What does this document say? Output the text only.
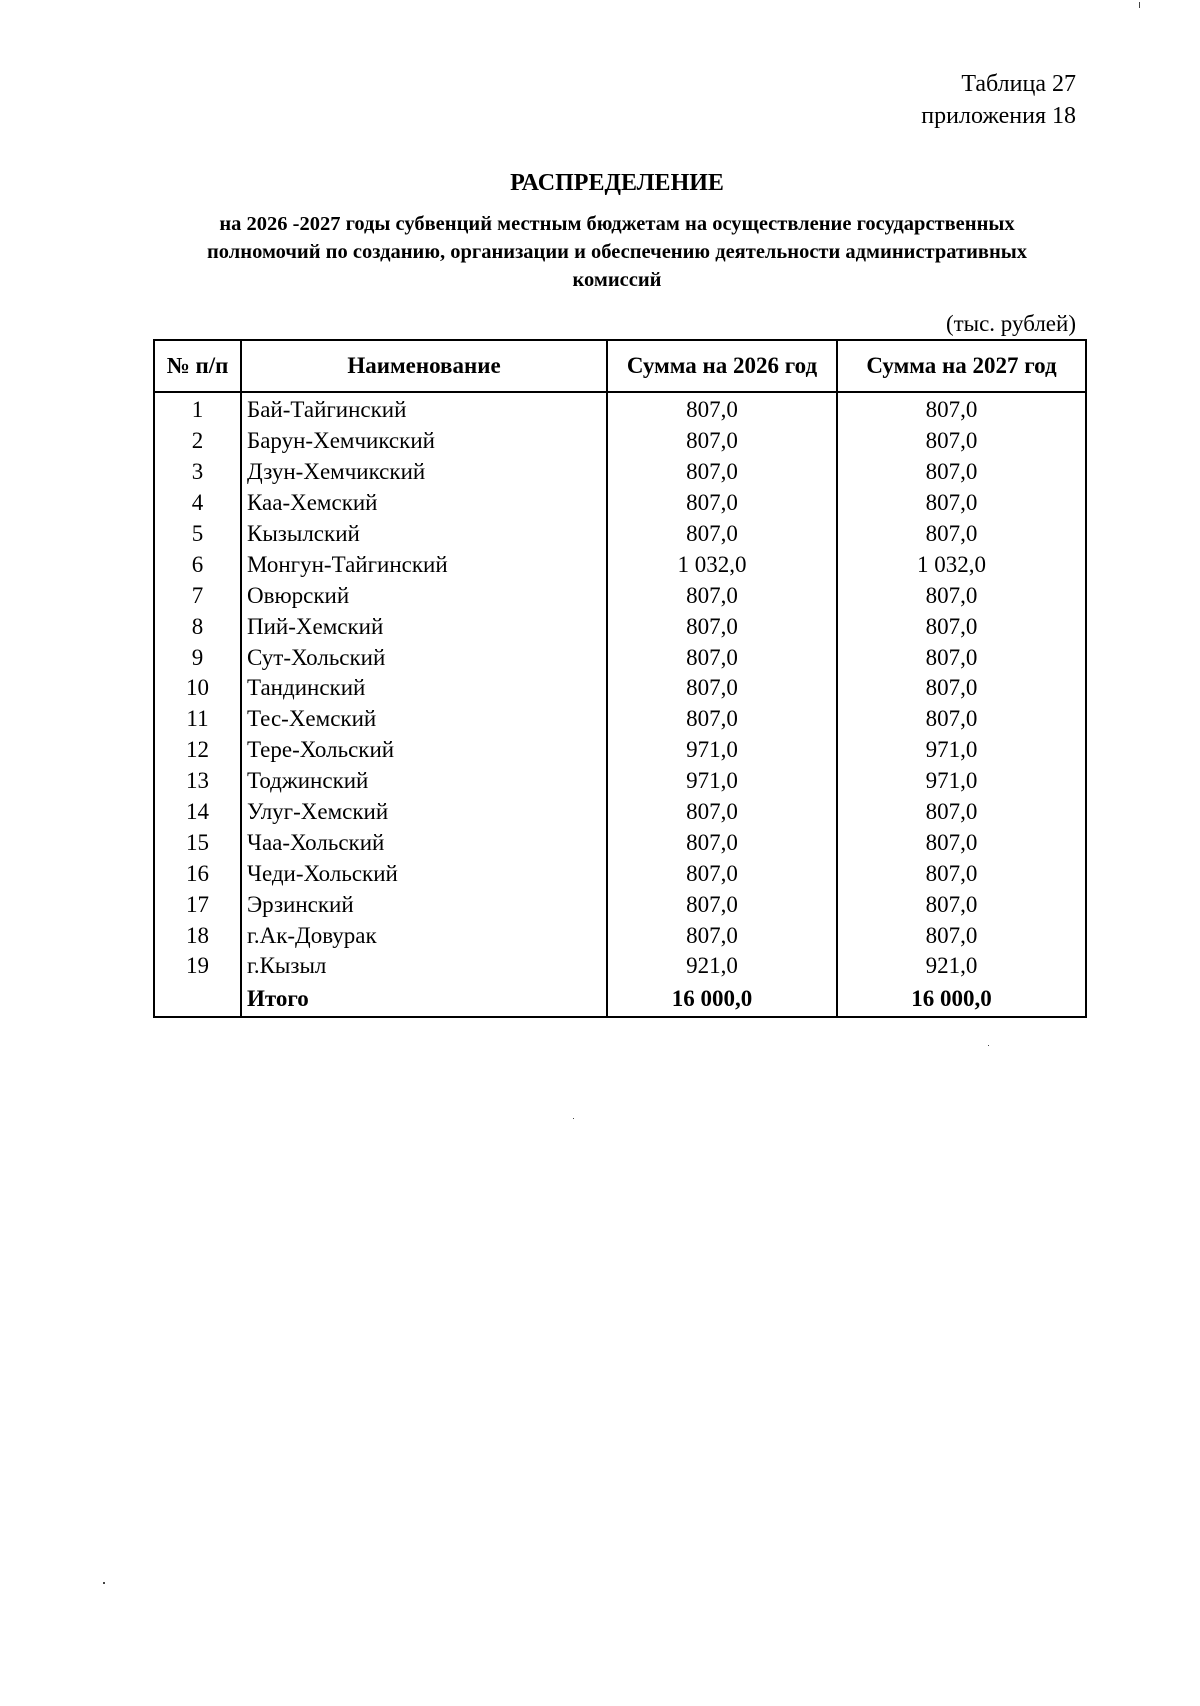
Таблица 27
приложения 18
РАСПРЕДЕЛЕНИЕ
на 2026 -2027 годы субвенций местным бюджетам на осуществление государственных
полномочий по созданию, организации и обеспечению деятельности административных
комиссий
(тыс. рублей)
№ п/п	Наименование	Сумма на 2026 год	Сумма на 2027 год
1	Бай-Тайгинский	807,0	807,0
2	Барун-Хемчикский	807,0	807,0
3	Дзун-Хемчикский	807,0	807,0
4	Каа-Хемский	807,0	807,0
5	Кызылский	807,0	807,0
6	Монгун-Тайгинский	1 032,0	1 032,0
7	Овюрский	807,0	807,0
8	Пий-Хемский	807,0	807,0
9	Сут-Хольский	807,0	807,0
10	Тандинский	807,0	807,0
11	Тес-Хемский	807,0	807,0
12	Тере-Хольский	971,0	971,0
13	Тоджинский	971,0	971,0
14	Улуг-Хемский	807,0	807,0
15	Чаа-Хольский	807,0	807,0
16	Чеди-Хольский	807,0	807,0
17	Эрзинский	807,0	807,0
18	г.Ак-Довурак	807,0	807,0
19	г.Кызыл	921,0	921,0
	Итого	16 000,0	16 000,0
